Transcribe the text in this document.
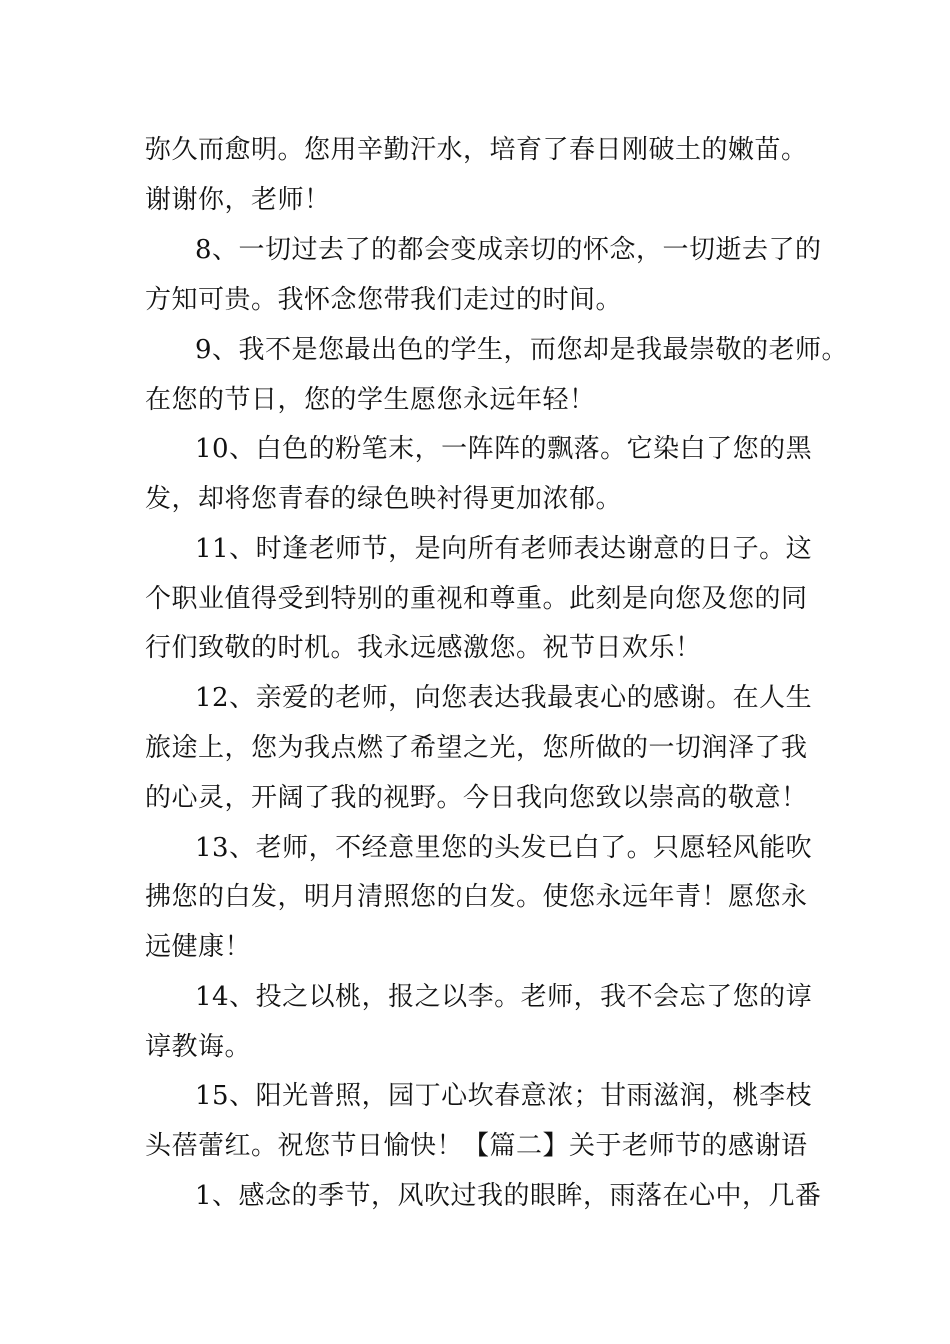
弥久而愈明。您用辛勤汗水，培育了春日刚破土的嫩苗。
谢谢你，老师！
8、一切过去了的都会变成亲切的怀念，一切逝去了的
方知可贵。我怀念您带我们走过的时间。
9、我不是您最出色的学生，而您却是我最崇敬的老师。
在您的节日，您的学生愿您永远年轻！
10、白色的粉笔末，一阵阵的飘落。它染白了您的黑
发，却将您青春的绿色映衬得更加浓郁。
11、时逢老师节，是向所有老师表达谢意的日子。这
个职业值得受到特别的重视和尊重。此刻是向您及您的同
行们致敬的时机。我永远感激您。祝节日欢乐！
12、亲爱的老师，向您表达我最衷心的感谢。在人生
旅途上，您为我点燃了希望之光，您所做的一切润泽了我
的心灵，开阔了我的视野。今日我向您致以崇高的敬意！
13、老师，不经意里您的头发已白了。只愿轻风能吹
拂您的白发，明月清照您的白发。使您永远年青！愿您永
远健康！
14、投之以桃，报之以李。老师，我不会忘了您的谆
谆教诲。
15、阳光普照，园丁心坎春意浓；甘雨滋润，桃李枝
头蓓蕾红。祝您节日愉快！【篇二】关于老师节的感谢语
1、感念的季节，风吹过我的眼眸，雨落在心中，几番
